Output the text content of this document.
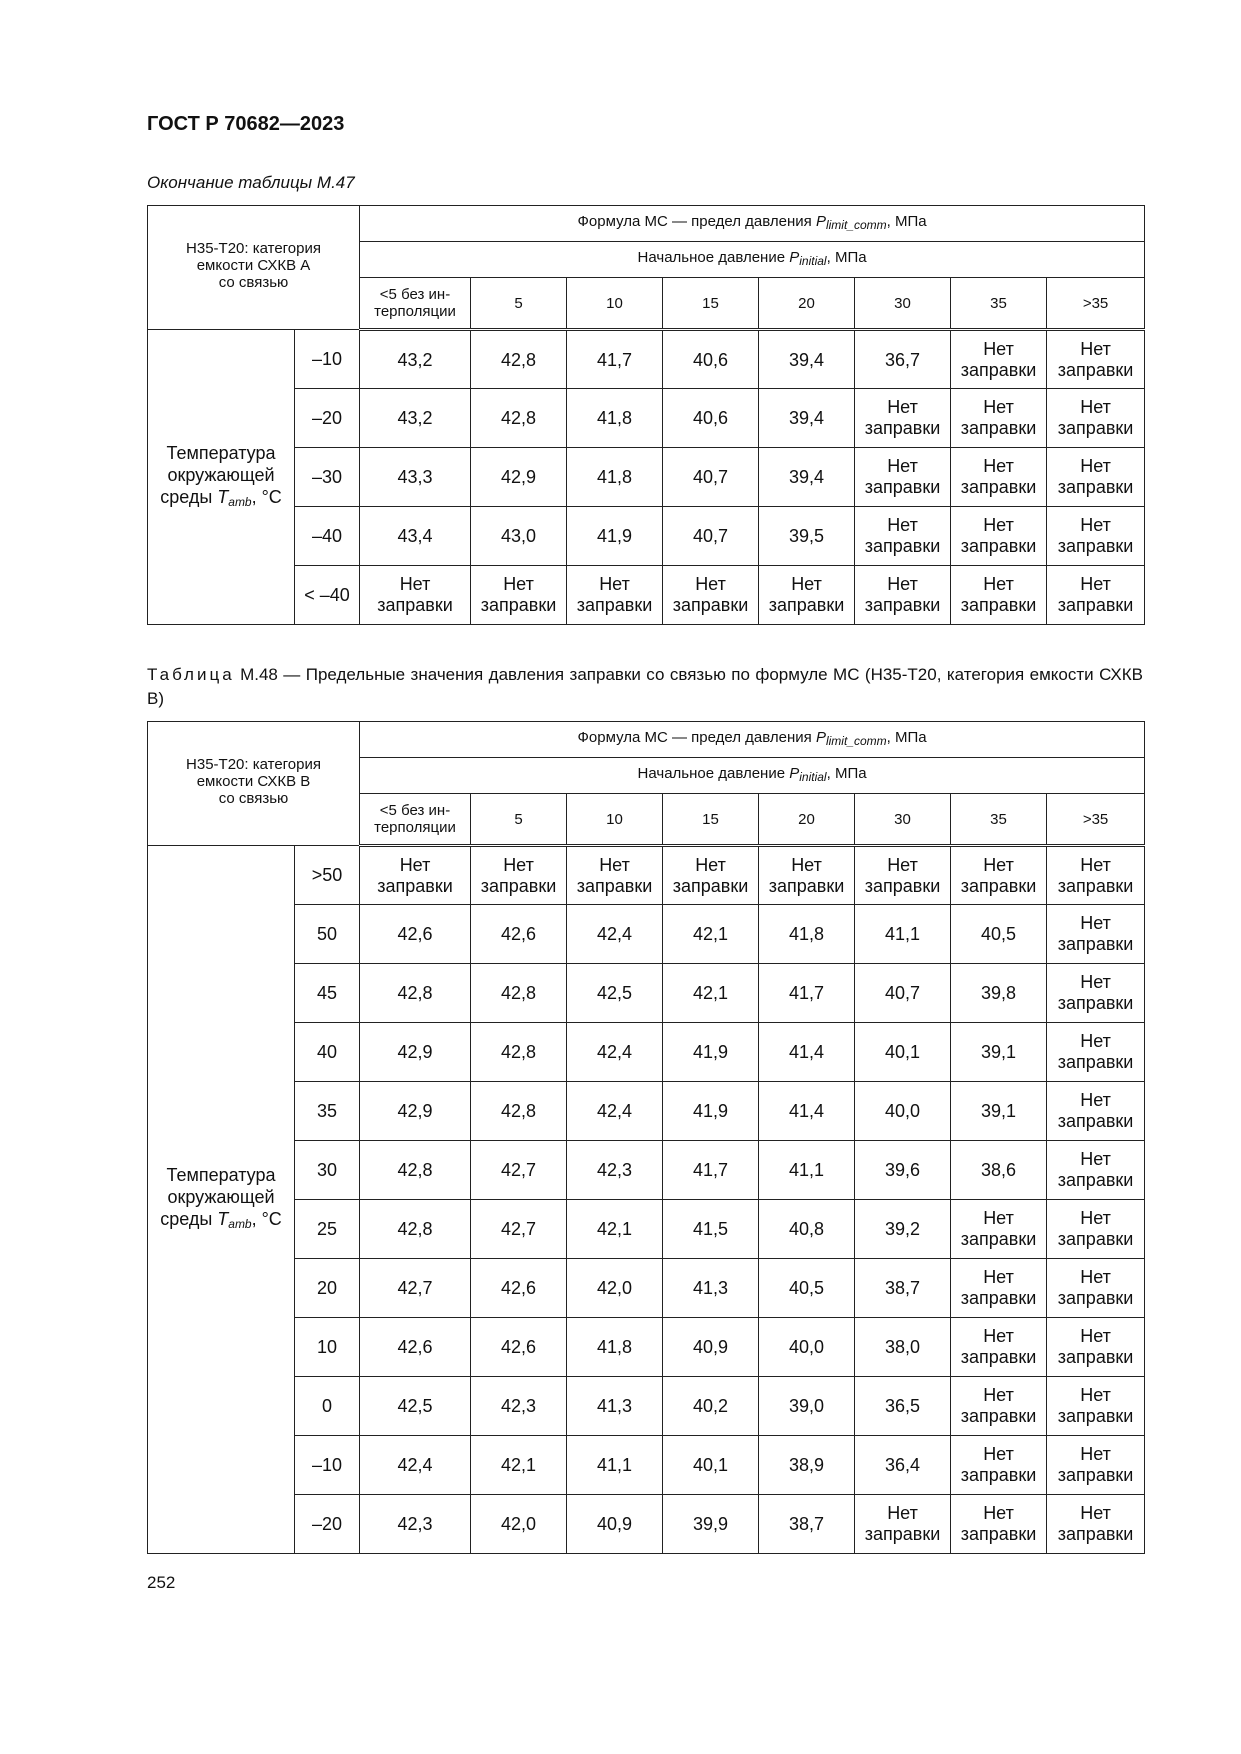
ГОСТ Р 70682—2023
Окончание таблицы М.47
Н35-Т20: категория
емкости СХКВ А
со связью		Формула МС — предел давления $P_{limit\_comm}$, МПа							
		Начальное давление $P_{initial}$, МПа							
		<5 без ин-
терполяции	5	10	15	20	30	35	>35
Температура
окружающей
среды $T_{amb}$, °C	–10	43,2	42,8	41,7	40,6	39,4	36,7	Нет заправки	Нет заправки
	–20	43,2	42,8	41,8	40,6	39,4	Нет заправки	Нет заправки	Нет заправки
	–30	43,3	42,9	41,8	40,7	39,4	Нет заправки	Нет заправки	Нет заправки
	–40	43,4	43,0	41,9	40,7	39,5	Нет заправки	Нет заправки	Нет заправки
	< –40	Нет заправки	Нет заправки	Нет заправки	Нет заправки	Нет заправки	Нет заправки	Нет заправки	Нет заправки
Таблица М.48 — Предельные значения давления заправки со связью по формуле МС (Н35-Т20, категория емкости СХКВ В)
Н35-Т20: категория
емкости СХКВ В
со связью		Формула МС — предел давления $P_{limit\_comm}$, МПа							
		Начальное давление $P_{initial}$, МПа							
		<5 без ин-
терполяции	5	10	15	20	30	35	>35
Температура
окружающей
среды $T_{amb}$, °C	>50	Нет заправки	Нет заправки	Нет заправки	Нет заправки	Нет заправки	Нет заправки	Нет заправки	Нет заправки
	50	42,6	42,6	42,4	42,1	41,8	41,1	40,5	Нет заправки
	45	42,8	42,8	42,5	42,1	41,7	40,7	39,8	Нет заправки
	40	42,9	42,8	42,4	41,9	41,4	40,1	39,1	Нет заправки
	35	42,9	42,8	42,4	41,9	41,4	40,0	39,1	Нет заправки
	30	42,8	42,7	42,3	41,7	41,1	39,6	38,6	Нет заправки
	25	42,8	42,7	42,1	41,5	40,8	39,2	Нет заправки	Нет заправки
	20	42,7	42,6	42,0	41,3	40,5	38,7	Нет заправки	Нет заправки
	10	42,6	42,6	41,8	40,9	40,0	38,0	Нет заправки	Нет заправки
	0	42,5	42,3	41,3	40,2	39,0	36,5	Нет заправки	Нет заправки
	–10	42,4	42,1	41,1	40,1	38,9	36,4	Нет заправки	Нет заправки
	–20	42,3	42,0	40,9	39,9	38,7	Нет заправки	Нет заправки	Нет заправки
252
